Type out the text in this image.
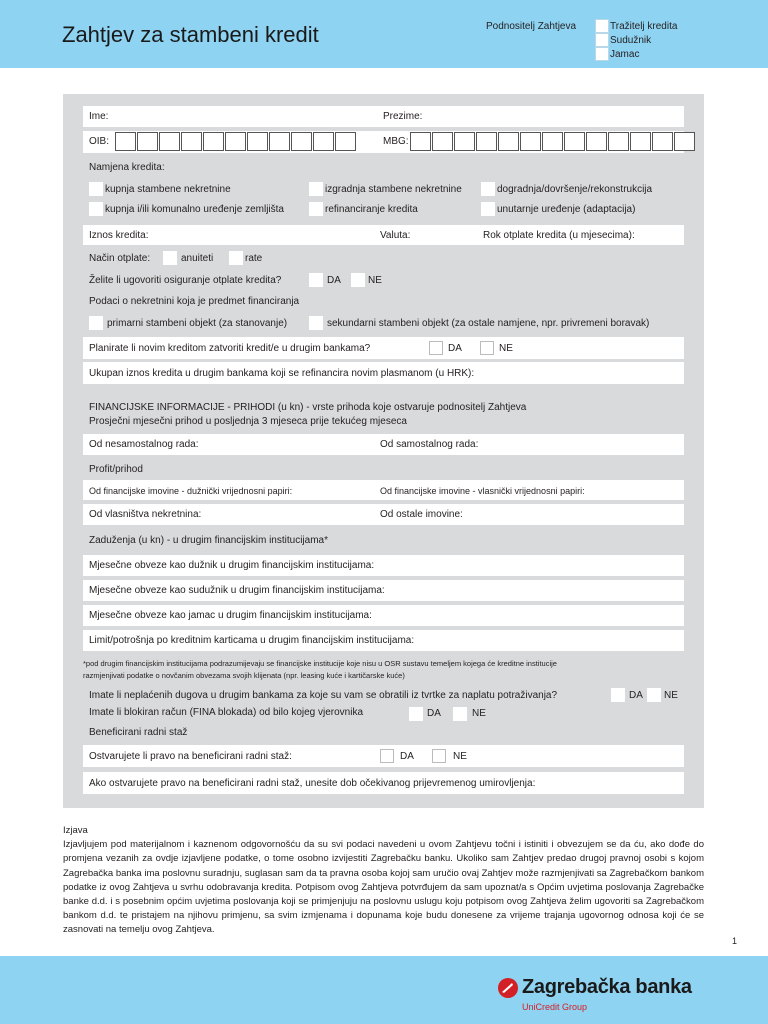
Zahtjev za stambeni kredit	Podnositelj Zahtjeva	Tražitelj kredita
Sudužnik
Jamac
Ime:	Prezime:
OIB:	MBG:
Namjena kredita:
kupnja stambene nekretnine	izgradnja stambene nekretnine	dogradnja/dovršenje/rekonstrukcija
kupnja i/ili komunalno uređenje zemljišta	refinanciranje kredita	unutarnje uređenje (adaptacija)
Iznos kredita:	Valuta:	Rok otplate kredita (u mjesecima):
Način otplate:	anuiteti	rate
Želite li ugovoriti osiguranje otplate kredita?	DA	NE
Podaci o nekretnini koja je predmet financiranja
primarni stambeni objekt (za stanovanje)	sekundarni stambeni objekt (za ostale namjene, npr. privremeni boravak)
Planirate li novim kreditom zatvoriti kredit/e u drugim bankama?	DA	NE
Ukupan iznos kredita u drugim bankama koji se refinancira novim plasmanom (u HRK):
FINANCIJSKE INFORMACIJE - PRIHODI (u kn) - vrste prihoda koje ostvaruje podnositelj Zahtjeva
Prosječni mjesečni prihod u posljednja 3 mjeseca prije tekućeg mjeseca
Od nesamostalnog rada:	Od samostalnog rada:
Profit/prihod
Od financijske imovine - dužnički vrijednosni papiri:	Od financijske imovine - vlasnički vrijednosni papiri:
Od vlasništva nekretnina:	Od ostale imovine:
Zaduženja (u kn) - u drugim financijskim institucijama*
Mjesečne obveze kao dužnik u drugim financijskim institucijama:
Mjesečne obveze kao sudužnik u drugim financijskim institucijama:
Mjesečne obveze kao jamac u drugim financijskim institucijama:
Limit/potrošnja po kreditnim karticama u drugim financijskim institucijama:
*pod drugim financijskim institucijama podrazumijevaju se financijske institucije koje nisu u OSR sustavu temeljem kojega će kreditne institucije
razmjenjivati podatke o novčanim obvezama svojih klijenata (npr. leasing kuće i kartičarske kuće)
Imate li neplaćenih dugova u drugim bankama za koje su vam se obratili iz tvrtke za naplatu potraživanja?	DA NE
Imate li blokiran račun (FINA blokada) od bilo kojeg vjerovnika	DA	NE
Beneficirani radni staž
Ostvarujete li pravo na beneficirani radni staž:	DA	NE
Ako ostvarujete pravo na beneficirani radni staž, unesite dob očekivanog prijevremenog umirovljenja:
Izjava
Izjavljujem pod materijalnom i kaznenom odgovornošću da su svi podaci navedeni u ovom Zahtjevu točni i istiniti i obvezujem se da ću, ako dođe do promjena vezanih za ovdje izjavljene podatke, o tome osobno izvijestiti Zagrebačku banku. Ukoliko sam Zahtjev predao drugoj pravnoj osobi s kojom Zagrebačka banka ima poslovnu suradnju, suglasan sam da ta pravna osoba kojoj sam uručio ovaj Zahtjev može razmjenjivati sa Zagrebačkom bankom podatke iz ovog Zahtjeva u svrhu odobravanja kredita. Potpisom ovog Zahtjeva potvrđujem da sam upoznat/a s Općim uvjetima poslovanja Zagrebačke banke d.d. i s posebnim općim uvjetima poslovanja koji se primjenjuju na poslovnu uslugu koju potpisom ovog Zahtjeva želim ugovoriti sa Zagrebačkom bankom d.d. te pristajem na njihovu primjenu, sa svim izmjenama i dopunama koje budu donesene za vrijeme trajanja ugovornog odnosa koji će se zasnovati na temelju ovog Zahtjeva.
1
Zagrebačka banka
UniCredit Group
